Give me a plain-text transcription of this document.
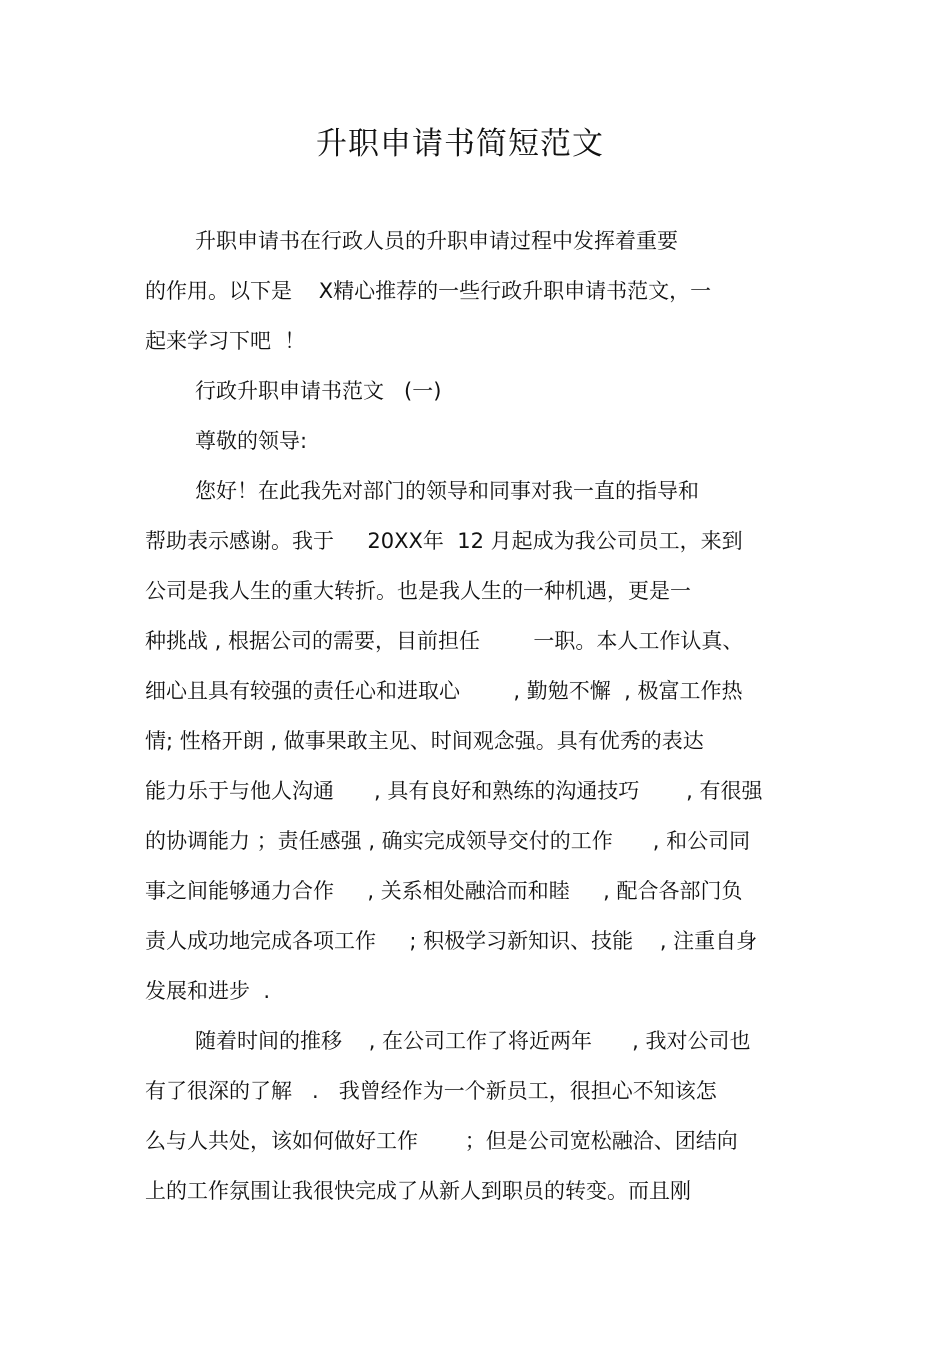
升职申请书简短范文

升职申请书在行政人员的升职申请过程中发挥着重要

的作用。以下是    X精心推荐的一些行政升职申请书范文，一

起来学习下吧  ！

行政升职申请书范文   (一)

尊敬的领导:

您好！在此我先对部门的领导和同事对我一直的指导和

帮助表示感谢。我于     20XX年  12 月起成为我公司员工，来到

公司是我人生的重大转折。也是我人生的一种机遇，更是一

种挑战 , 根据公司的需要，目前担任        一职。本人工作认真、

细心且具有较强的责任心和进取心        , 勤勉不懈  , 极富工作热

情; 性格开朗 , 做事果敢主见、时间观念强。具有优秀的表达

能力乐于与他人沟通      , 具有良好和熟练的沟通技巧       , 有很强

的协调能力 ；责任感强 , 确实完成领导交付的工作      , 和公司同

事之间能够通力合作     , 关系相处融洽而和睦     , 配合各部门负

责人成功地完成各项工作     ; 积极学习新知识、技能    , 注重自身

发展和进步  .

随着时间的推移    , 在公司工作了将近两年      , 我对公司也

有了很深的了解   .   我曾经作为一个新员工，很担心不知该怎

么与人共处，该如何做好工作       ；但是公司宽松融洽、团结向

上的工作氛围让我很快完成了从新人到职员的转变。而且刚
